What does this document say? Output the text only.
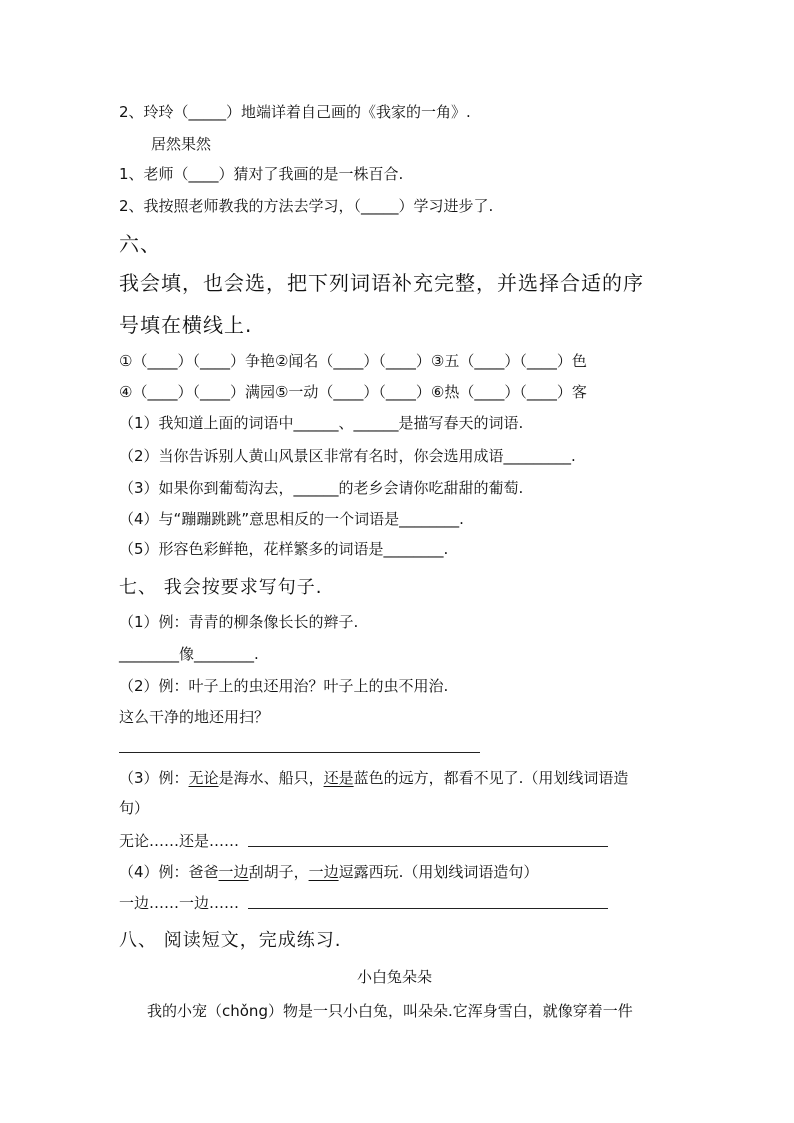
2、玲玲（_____）地端详着自己画的《我家的一角》.
居然果然
1、老师（____）猜对了我画的是一株百合.
2、我按照老师教我的方法去学习，（_____）学习进步了.
六、
我会填，也会选，把下列词语补充完整，并选择合适的序
号填在横线上.
①（____）（____）争艳②闻名（____）（____）③五（____）（____）色
④（____）（____）满园⑤一动（____）（____）⑥热（____）（____）客
（1）我知道上面的词语中______、______是描写春天的词语.
（2）当你告诉别人黄山风景区非常有名时，你会选用成语_________.
（3）如果你到葡萄沟去，______的老乡会请你吃甜甜的葡萄.
（4）与“蹦蹦跳跳”意思相反的一个词语是________.
（5）形容色彩鲜艳，花样繁多的词语是________.
七、 我会按要求写句子.
（1）例：青青的柳条像长长的辫子.
________像________.
（2）例：叶子上的虫还用治？叶子上的虫不用治.
这么干净的地还用扫？
（3）例：无论是海水、船只，还是蓝色的远方，都看不见了.（用划线词语造
句）
无论……还是……
（4）例：爸爸一边刮胡子，一边逗露西玩.（用划线词语造句）
一边……一边……
八、 阅读短文，完成练习.
小白兔朵朵
我的小宠（chǒng）物是一只小白兔，叫朵朵.它浑身雪白，就像穿着一件
